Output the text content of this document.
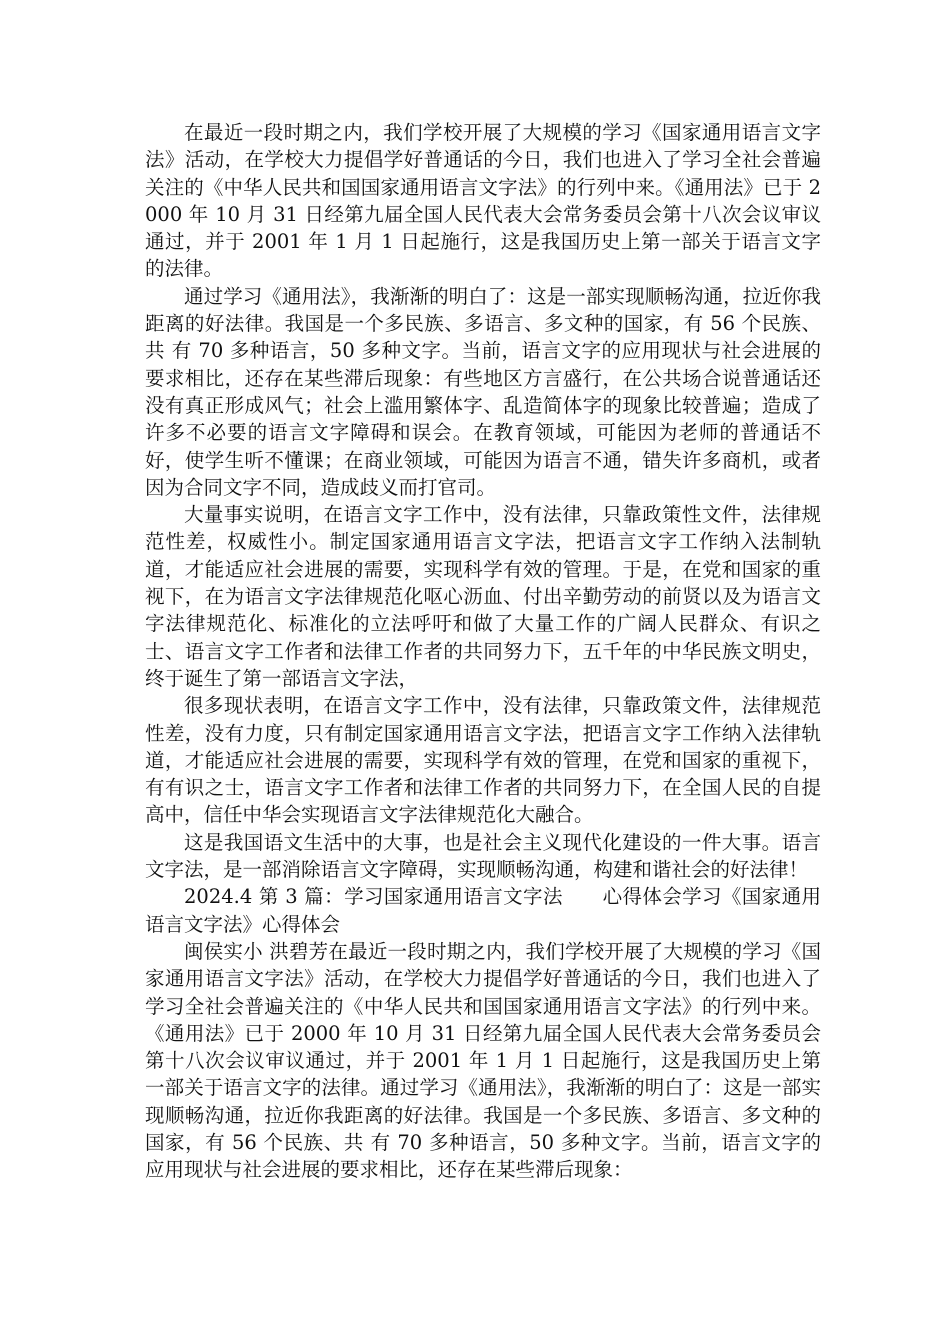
在最近一段时期之内，我们学校开展了大规模的学习《国家通用语言文字法》活动，在学校大力提倡学好普通话的今日，我们也进入了学习全社会普遍关注的《中华人民共和国国家通用语言文字法》的行列中来。《通用法》已于 2000 年 10 月 31 日经第九届全国人民代表大会常务委员会第十八次会议审议通过，并于 2001 年 1 月 1 日起施行，这是我国历史上第一部关于语言文字的法律。

通过学习《通用法》，我渐渐的明白了：这是一部实现顺畅沟通，拉近你我距离的好法律。我国是一个多民族、多语言、多文种的国家，有 56 个民族、共 有 70 多种语言，50 多种文字。当前，语言文字的应用现状与社会进展的要求相比，还存在某些滞后现象：有些地区方言盛行，在公共场合说普通话还没有真正形成风气；社会上滥用繁体字、乱造简体字的现象比较普遍；造成了许多不必要的语言文字障碍和误会。在教育领域，可能因为老师的普通话不好，使学生听不懂课；在商业领域，可能因为语言不通，错失许多商机，或者因为合同文字不同，造成歧义而打官司。

大量事实说明，在语言文字工作中，没有法律，只靠政策性文件，法律规范性差，权威性小。制定国家通用语言文字法，把语言文字工作纳入法制轨道，才能适应社会进展的需要，实现科学有效的管理。于是，在党和国家的重视下，在为语言文字法律规范化呕心沥血、付出辛勤劳动的前贤以及为语言文字法律规范化、标准化的立法呼吁和做了大量工作的广阔人民群众、有识之士、语言文字工作者和法律工作者的共同努力下，五千年的中华民族文明史，终于诞生了第一部语言文字法，

很多现状表明，在语言文字工作中，没有法律，只靠政策文件，法律规范性差，没有力度，只有制定国家通用语言文字法，把语言文字工作纳入法律轨道，才能适应社会进展的需要，实现科学有效的管理，在党和国家的重视下，有有识之士，语言文字工作者和法律工作者的共同努力下，在全国人民的自提高中，信任中华会实现语言文字法律规范化大融合。

这是我国语文生活中的大事，也是社会主义现代化建设的一件大事。语言文字法，是一部消除语言文字障碍，实现顺畅沟通，构建和谐社会的好法律！

2024.4 第 3 篇：学习国家通用语言文字法　　心得体会学习《国家通用语言文字法》心得体会

闽侯实小 洪碧芳在最近一段时期之内，我们学校开展了大规模的学习《国家通用语言文字法》活动，在学校大力提倡学好普通话的今日，我们也进入了学习全社会普遍关注的《中华人民共和国国家通用语言文字法》的行列中来。《通用法》已于 2000 年 10 月 31 日经第九届全国人民代表大会常务委员会第十八次会议审议通过，并于 2001 年 1 月 1 日起施行，这是我国历史上第一部关于语言文字的法律。通过学习《通用法》，我渐渐的明白了：这是一部实现顺畅沟通，拉近你我距离的好法律。我国是一个多民族、多语言、多文种的国家，有 56 个民族、共 有 70 多种语言，50 多种文字。当前，语言文字的应用现状与社会进展的要求相比，还存在某些滞后现象：
